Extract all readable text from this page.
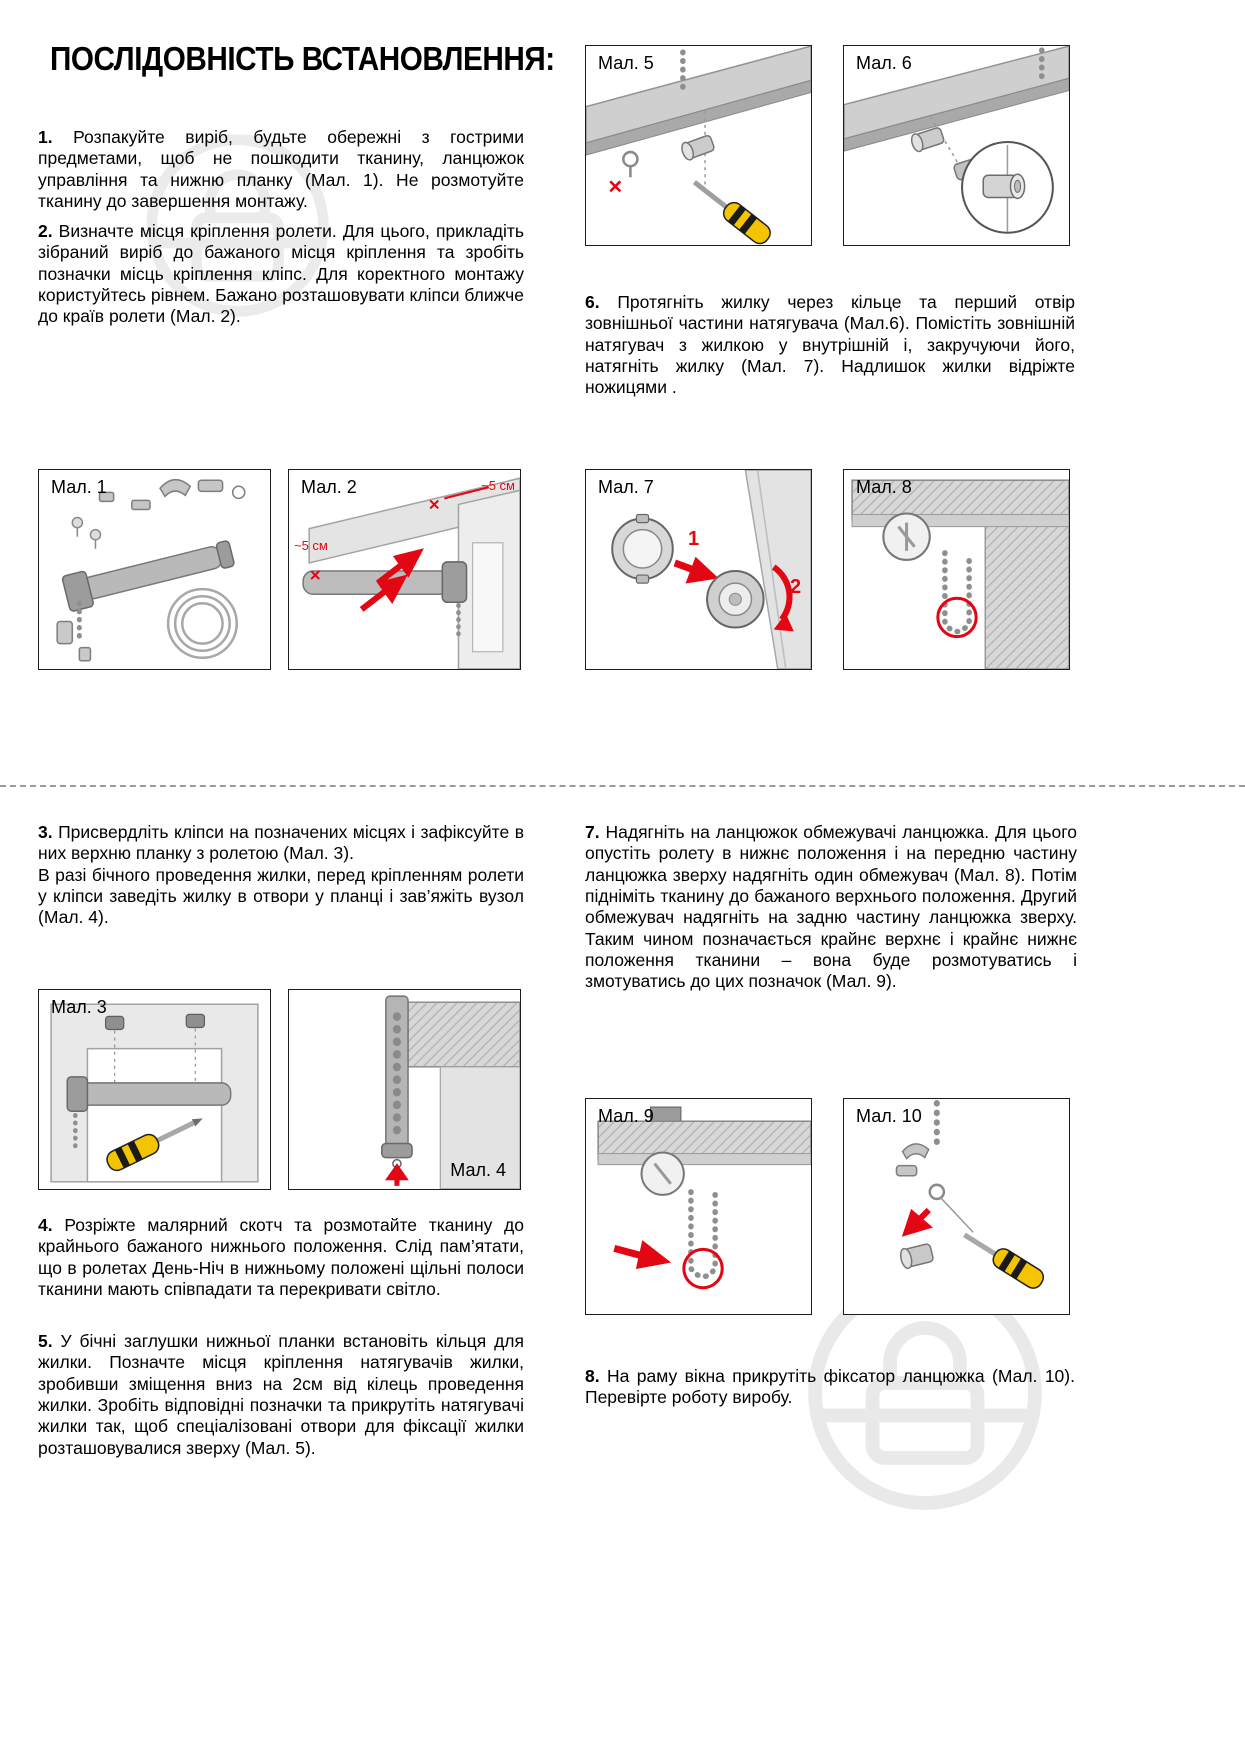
ПОСЛІДОВНІСТЬ ВСТАНОВЛЕННЯ:
1. Розпакуйте виріб, будьте обережні з гострими предметами, щоб не пошкодити тканину, ланцюжок управління та нижню планку (Мал. 1). Не розмотуйте тканину до завершення монтажу.
2. Визначте місця кріплення ролети. Для цього, прикладіть зібраний виріб до бажаного місця кріплення та зробіть позначки місць кріплення кліпс. Для коректного монтажу користуйтесь рівнем. Бажано розташовувати кліпси ближче до країв ролети (Мал. 2).
Мал. 1	Мал. 2	~5 см
~5 см
Мал. 5	Мал. 6
6. Протягніть жилку через кільце та перший отвір зовнішньої частини натягувача (Мал.6). Помістіть зовнішній натягувач з жилкою у внутрішній і, закручуючи його, натягніть жилку (Мал. 7). Надлишок жилки відріжте ножицями .
Мал. 7
1
2
Мал. 8

3. Присвердліть кліпси на позначених місцях і зафіксуйте в них верхню планку з ролетою (Мал. 3).

В разі бічного проведення жилки, перед кріпленням ролети у кліпси заведіть жилку в отвори у планці і зав’яжіть вузол (Мал. 4).

Мал. 3
Мал. 4
4. Розріжте малярний скотч та розмотайте тканину до крайнього бажаного нижнього положення. Слід пам’ятати, що в ролетах День-Ніч в нижньому положені щільні полоси тканини мають співпадати та перекривати світло.
5. У бічні заглушки нижньої планки встановіть кільця для жилки. Позначте місця кріплення натягувачів жилки, зробивши зміщення вниз на 2см від кілець проведення жилки. Зробіть відповідні позначки та прикрутіть натягувачі жилки так, щоб спеціалізовані отвори для фіксації жилки розташовувалися зверху (Мал. 5).
7. Надягніть на ланцюжок обмежувачі ланцюжка. Для цього опустіть ролету в нижнє положення і на передню частину ланцюжка зверху надягніть один обмежувач (Мал. 8). Потім підніміть тканину до бажаного верхнього положення. Другий обмежувач надягніть на задню частину ланцюжка зверху. Таким чином позначається крайнє верхнє і крайнє нижнє положення тканини – вона буде розмотуватись і змотуватись до цих позначок (Мал. 9).
Мал. 9	Мал. 10
8. На раму вікна прикрутіть фіксатор ланцюжка (Мал. 10). Перевірте роботу виробу.
